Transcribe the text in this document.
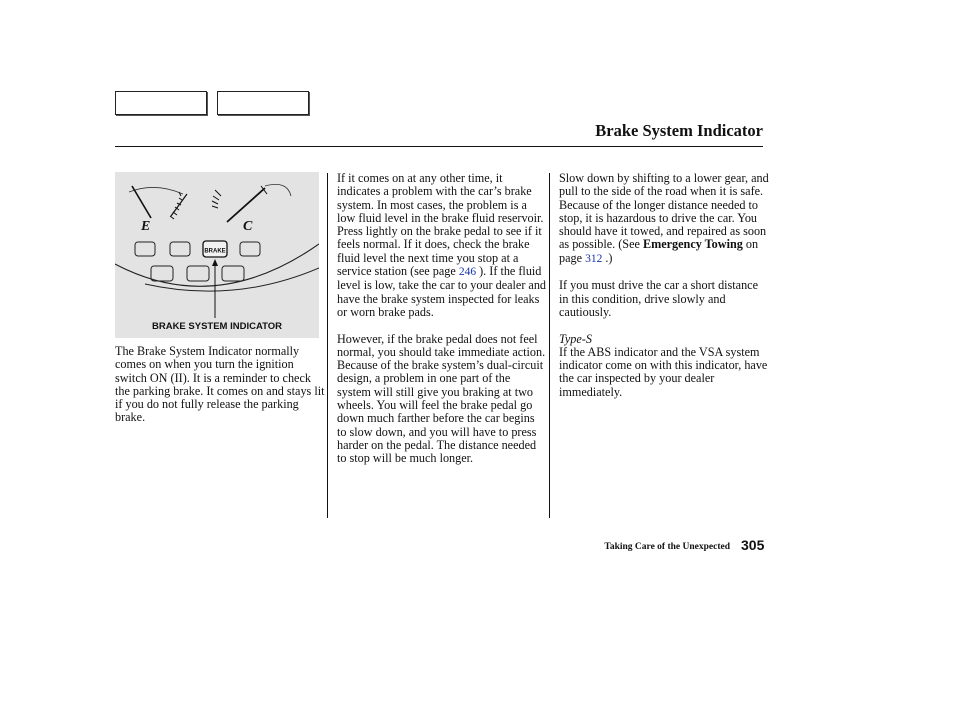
Brake System Indicator
E	C
BRAKE
BRAKE SYSTEM INDICATOR

The Brake System Indicator normally comes on when you turn the ignition switch ON (II). It is a reminder to check the parking brake. It comes on and stays lit if you do not fully release the parking brake.

If it comes on at any other time, it indicates a problem with the car’s brake system. In most cases, the problem is a low fluid level in the brake fluid reservoir. Press lightly on the brake pedal to see if it feels normal. If it does, check the brake fluid level the next time you stop at a service station (see page 246 ). If the fluid level is low, take the car to your dealer and have the brake system inspected for leaks or worn brake pads.

However, if the brake pedal does not feel normal, you should take immediate action. Because of the brake system’s dual-circuit design, a problem in one part of the system will still give you braking at two wheels. You will feel the brake pedal go down much farther before the car begins to slow down, and you will have to press harder on the pedal. The distance needed to stop will be much longer.

Slow down by shifting to a lower gear, and pull to the side of the road when it is safe. Because of the longer distance needed to stop, it is hazardous to drive the car. You should have it towed, and repaired as soon as possible. (See Emergency Towing on page 312 .)

If you must drive the car a short distance in this condition, drive slowly and cautiously.

Type-S

If the ABS indicator and the VSA system indicator come on with this indicator, have the car inspected by your dealer immediately.

Taking Care of the Unexpected 305
